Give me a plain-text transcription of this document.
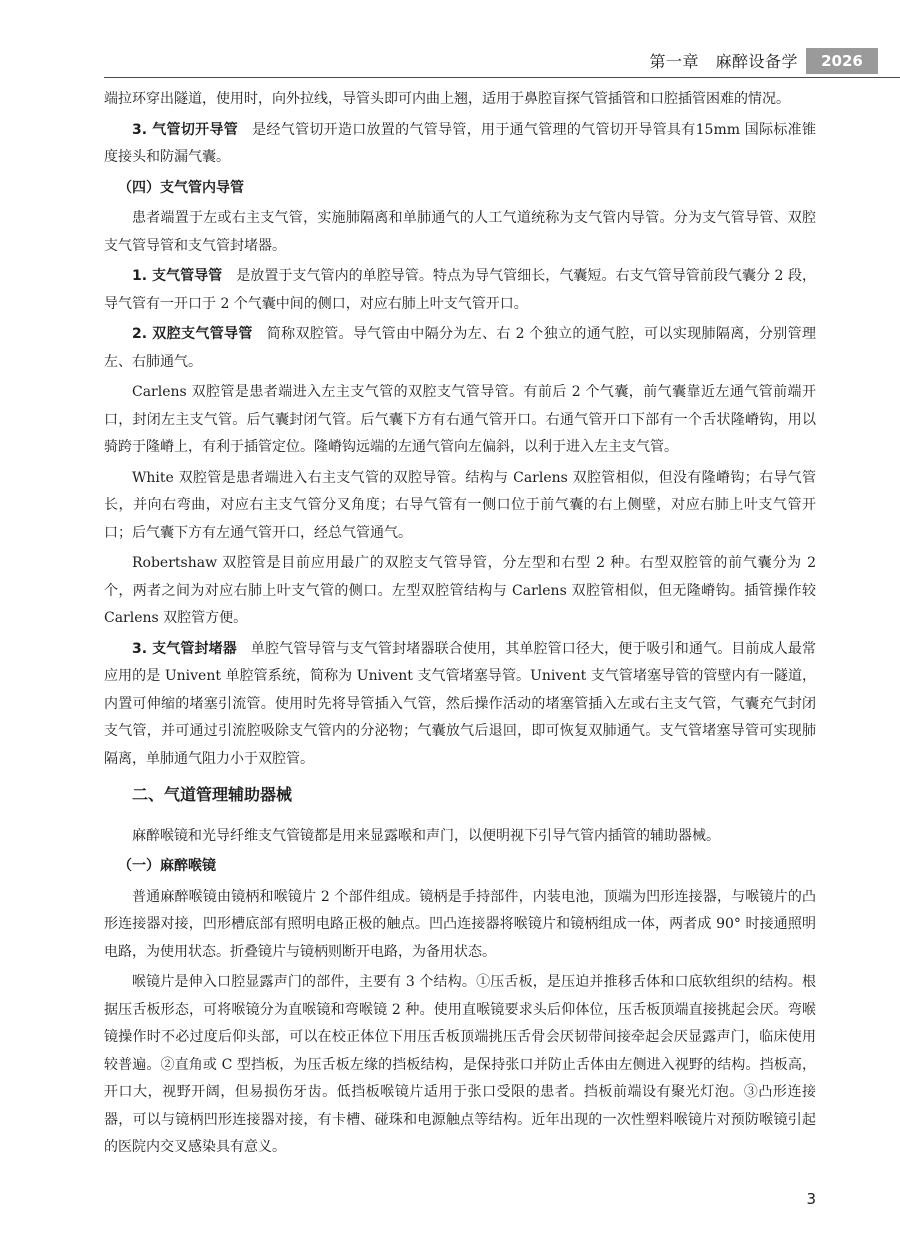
第一章　麻醉设备学	2026

端拉环穿出隧道，使用时，向外拉线，导管头即可内曲上翘，适用于鼻腔盲探气管插管和口腔插管困难的情况。

3. 气管切开导管 是经气管切开造口放置的气管导管，用于通气管理的气管切开导管具有15mm 国际标准锥度接头和防漏气囊。

（四）支气管内导管

患者端置于左或右主支气管，实施肺隔离和单肺通气的人工气道统称为支气管内导管。分为支气管导管、双腔支气管导管和支气管封堵器。

1. 支气管导管 是放置于支气管内的单腔导管。特点为导气管细长，气囊短。右支气管导管前段气囊分 2 段，导气管有一开口于 2 个气囊中间的侧口，对应右肺上叶支气管开口。

2. 双腔支气管导管 简称双腔管。导气管由中隔分为左、右 2 个独立的通气腔，可以实现肺隔离，分别管理左、右肺通气。

Carlens 双腔管是患者端进入左主支气管的双腔支气管导管。有前后 2 个气囊，前气囊靠近左通气管前端开口，封闭左主支气管。后气囊封闭气管。后气囊下方有右通气管开口。右通气管开口下部有一个舌状隆嵴钩，用以骑跨于隆嵴上，有利于插管定位。隆嵴钩远端的左通气管向左偏斜，以利于进入左主支气管。

White 双腔管是患者端进入右主支气管的双腔导管。结构与 Carlens 双腔管相似，但没有隆嵴钩；右导气管长，并向右弯曲，对应右主支气管分叉角度；右导气管有一侧口位于前气囊的右上侧壁，对应右肺上叶支气管开口；后气囊下方有左通气管开口，经总气管通气。

Robertshaw 双腔管是目前应用最广的双腔支气管导管，分左型和右型 2 种。右型双腔管的前气囊分为 2 个，两者之间为对应右肺上叶支气管的侧口。左型双腔管结构与 Carlens 双腔管相似，但无隆嵴钩。插管操作较 Carlens 双腔管方便。

3. 支气管封堵器 单腔气管导管与支气管封堵器联合使用，其单腔管口径大，便于吸引和通气。目前成人最常应用的是 Univent 单腔管系统，简称为 Univent 支气管堵塞导管。Univent 支气管堵塞导管的管壁内有一隧道，内置可伸缩的堵塞引流管。使用时先将导管插入气管，然后操作活动的堵塞管插入左或右主支气管，气囊充气封闭支气管，并可通过引流腔吸除支气管内的分泌物；气囊放气后退回，即可恢复双肺通气。支气管堵塞导管可实现肺隔离，单肺通气阻力小于双腔管。

二、气道管理辅助器械

麻醉喉镜和光导纤维支气管镜都是用来显露喉和声门，以便明视下引导气管内插管的辅助器械。

（一）麻醉喉镜

普通麻醉喉镜由镜柄和喉镜片 2 个部件组成。镜柄是手持部件，内装电池，顶端为凹形连接器，与喉镜片的凸形连接器对接，凹形槽底部有照明电路正极的触点。凹凸连接器将喉镜片和镜柄组成一体，两者成 90° 时接通照明电路，为使用状态。折叠镜片与镜柄则断开电路，为备用状态。

喉镜片是伸入口腔显露声门的部件，主要有 3 个结构。①压舌板，是压迫并推移舌体和口底软组织的结构。根据压舌板形态，可将喉镜分为直喉镜和弯喉镜 2 种。使用直喉镜要求头后仰体位，压舌板顶端直接挑起会厌。弯喉镜操作时不必过度后仰头部，可以在校正体位下用压舌板顶端挑压舌骨会厌韧带间接牵起会厌显露声门，临床使用较普遍。②直角或 C 型挡板，为压舌板左缘的挡板结构，是保持张口并防止舌体由左侧进入视野的结构。挡板高，开口大，视野开阔，但易损伤牙齿。低挡板喉镜片适用于张口受限的患者。挡板前端设有聚光灯泡。③凸形连接器，可以与镜柄凹形连接器对接，有卡槽、碰珠和电源触点等结构。近年出现的一次性塑料喉镜片对预防喉镜引起的医院内交叉感染具有意义。

3
